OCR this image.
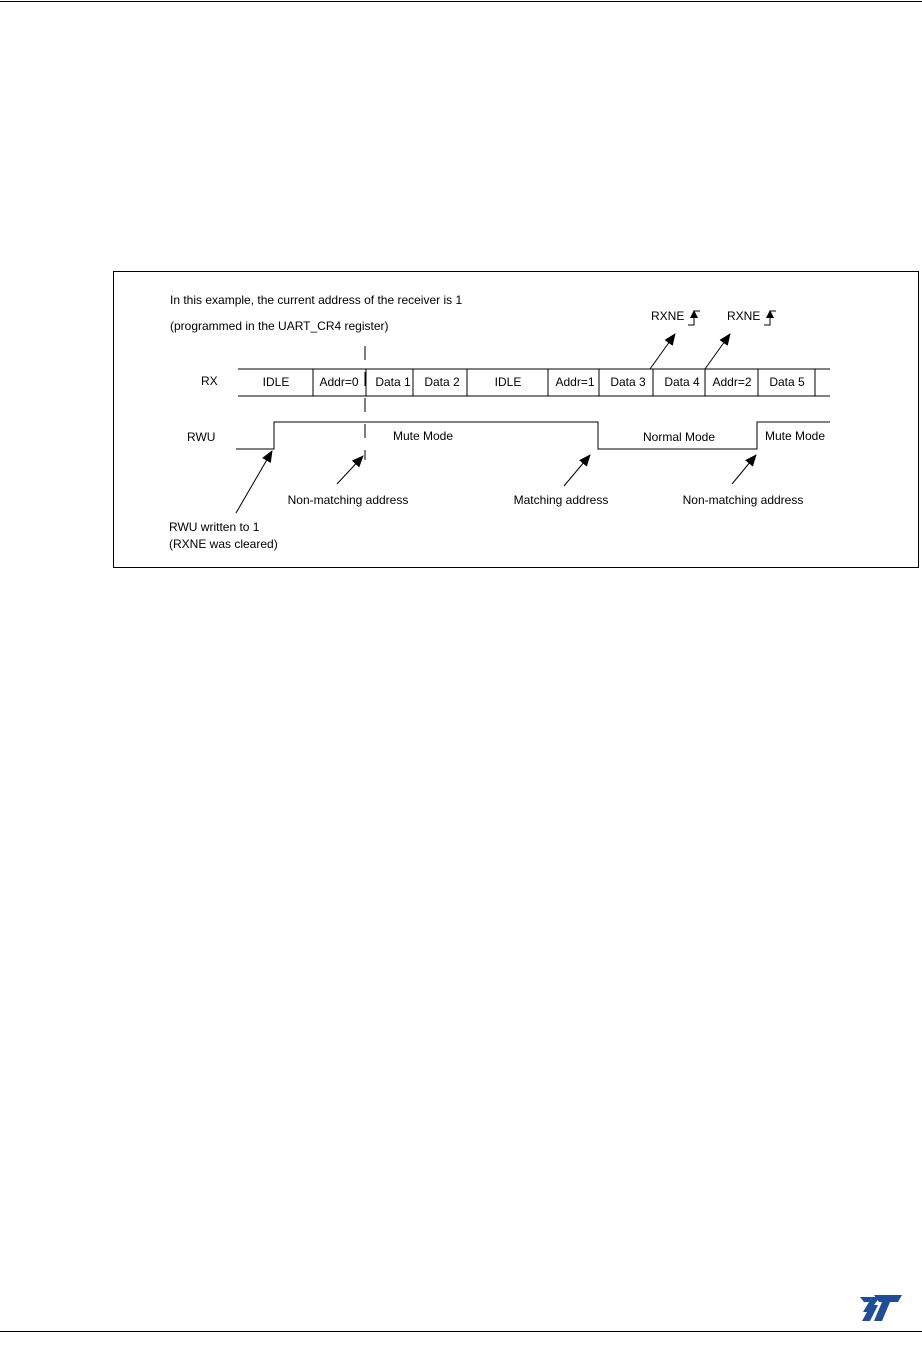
In this example, the current address of the receiver is 1
(programmed in the UART_CR4 register)
RX
RWU
IDLE	Addr=0 Data 1 Data 2	IDLE	Addr=1 Data 3 Data 4 Addr=2 Data 5
Mute Mode	Normal Mode	Mute Mode
RXNE	RXNE
Non-matching address	Matching address	Non-matching address
RWU written to 1
(RXNE was cleared)
